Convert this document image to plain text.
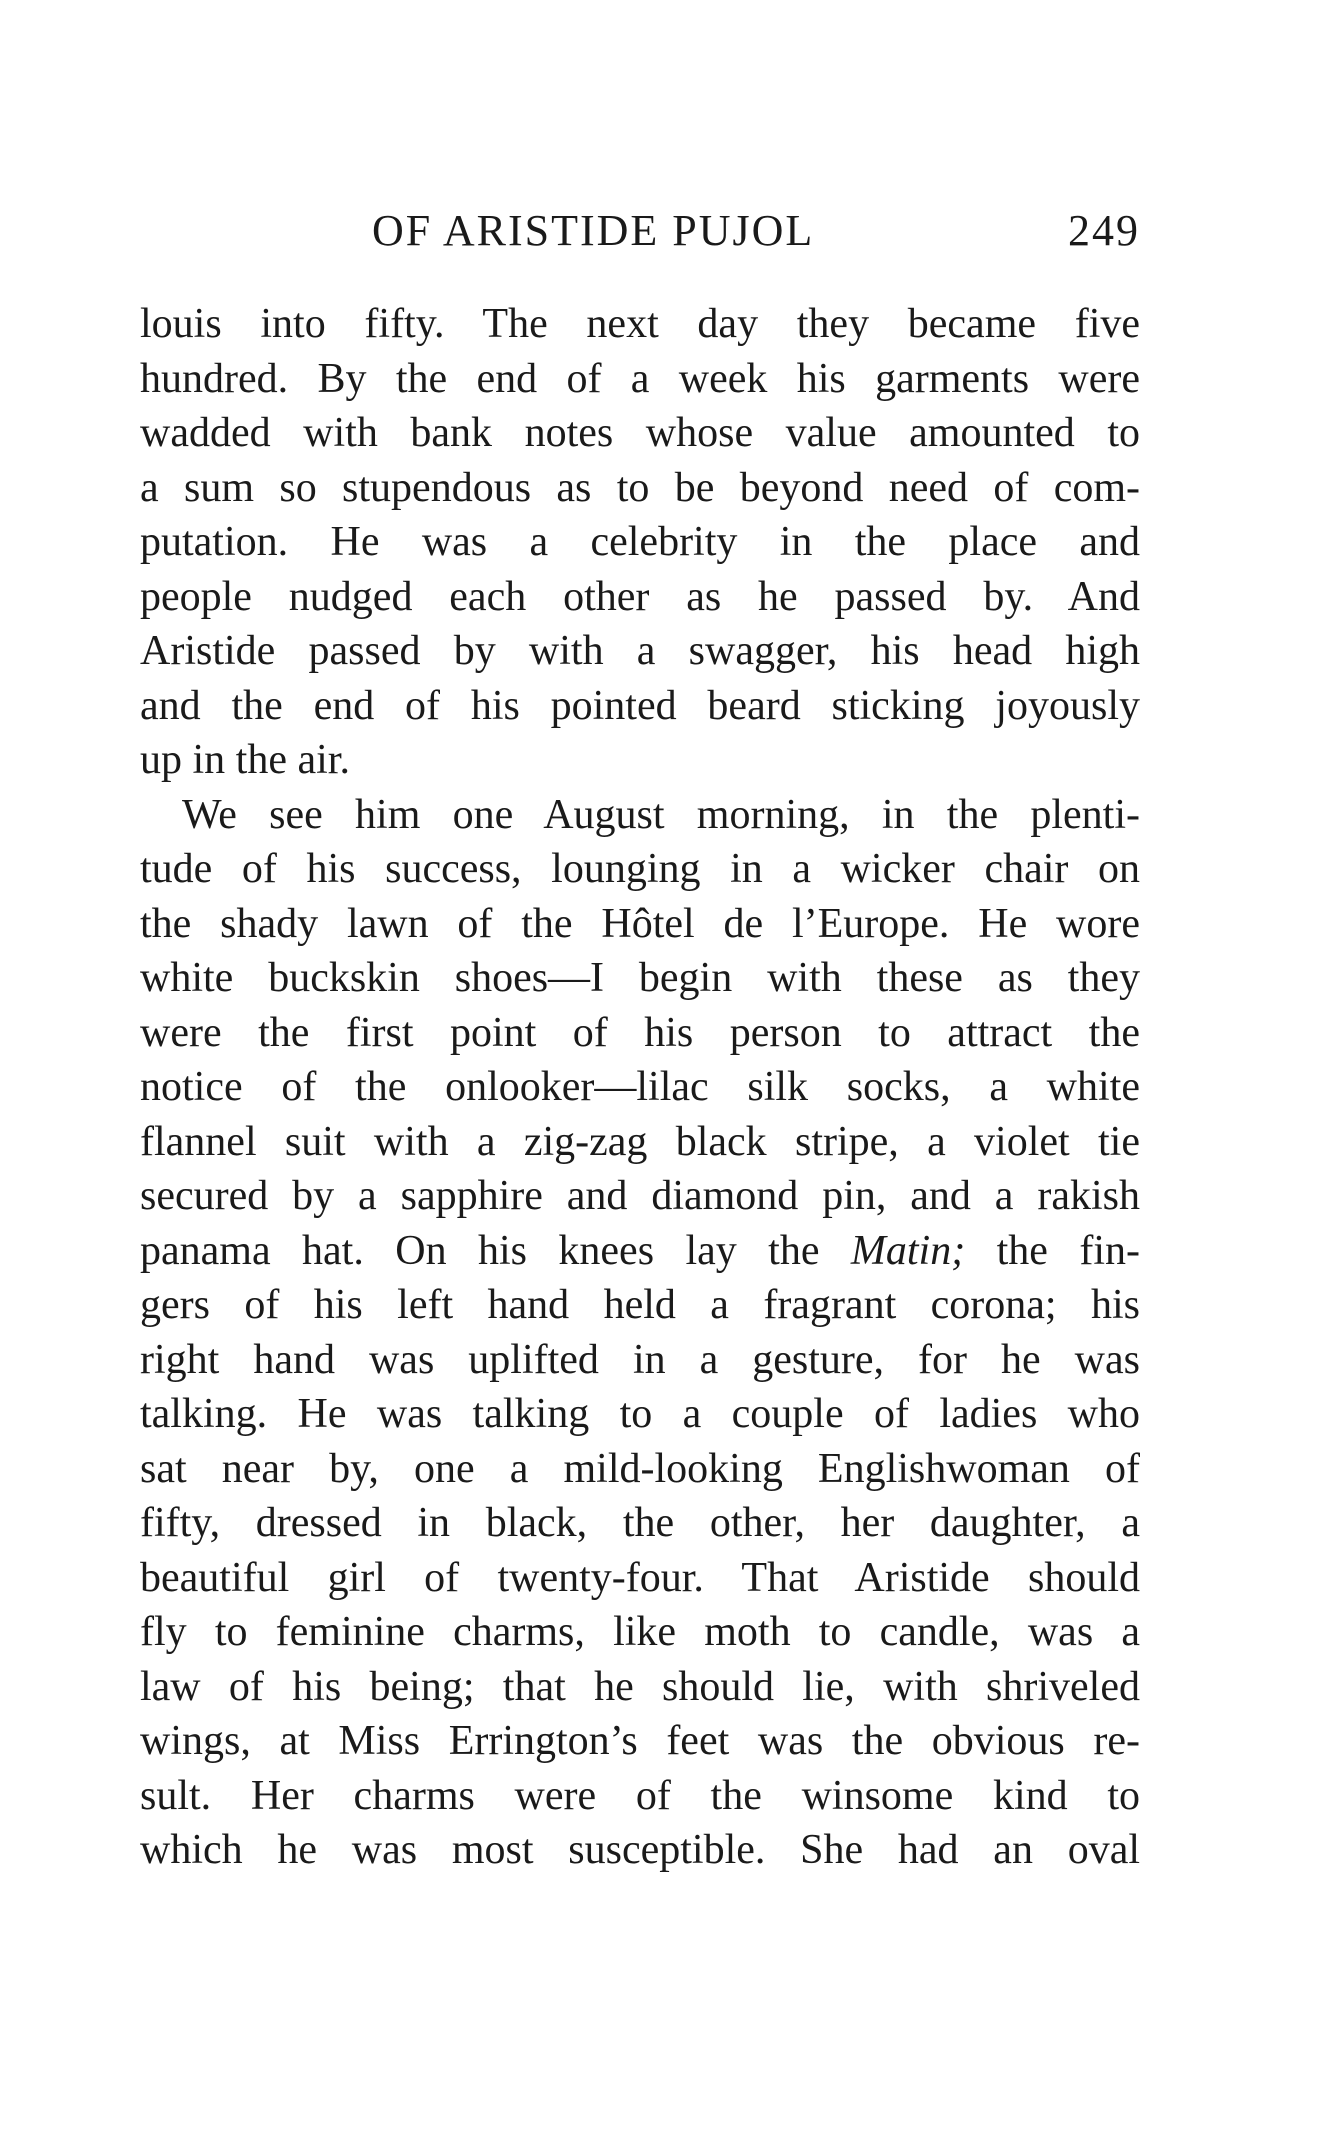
OF ARISTIDE PUJOL	249
louis into fifty. The next day they became five
hundred. By the end of a week his garments were
wadded with bank notes whose value amounted to
a sum so stupendous as to be beyond need of com-
putation. He was a celebrity in the place and
people nudged each other as he passed by. And
Aristide passed by with a swagger, his head high
and the end of his pointed beard sticking joyously
up in the air.
We see him one August morning, in the plenti-
tude of his success, lounging in a wicker chair on
the shady lawn of the Hôtel de l’Europe. He wore
white buckskin shoes—I begin with these as they
were the first point of his person to attract the
notice of the onlooker—lilac silk socks, a white
flannel suit with a zig-zag black stripe, a violet tie
secured by a sapphire and diamond pin, and a rakish
panama hat. On his knees lay the Matin; the fin-
gers of his left hand held a fragrant corona; his
right hand was uplifted in a gesture, for he was
talking. He was talking to a couple of ladies who
sat near by, one a mild-looking Englishwoman of
fifty, dressed in black, the other, her daughter, a
beautiful girl of twenty-four. That Aristide should
fly to feminine charms, like moth to candle, was a
law of his being; that he should lie, with shriveled
wings, at Miss Errington’s feet was the obvious re-
sult. Her charms were of the winsome kind to
which he was most susceptible. She had an oval
